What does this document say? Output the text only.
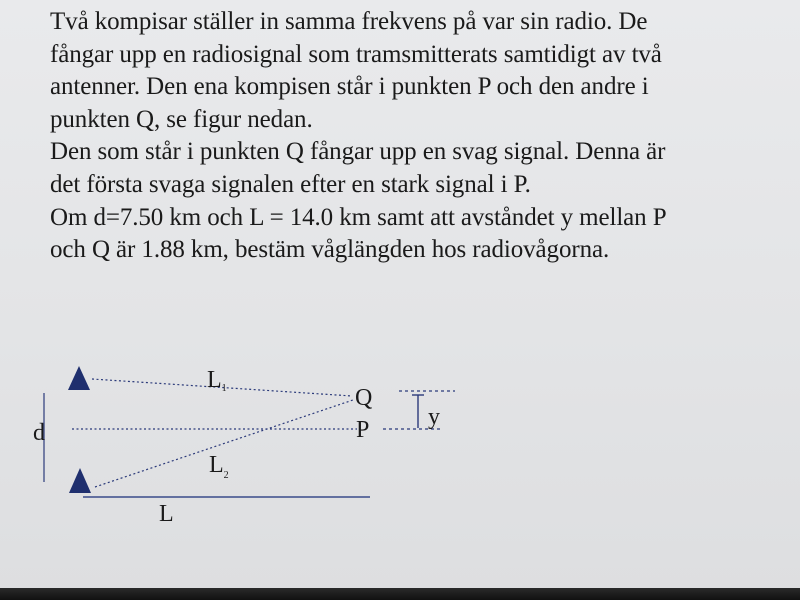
Två kompisar ställer in samma frekvens på var sin radio. De
fångar upp en radiosignal som tramsmitterats samtidigt av två
antenner. Den ena kompisen står i punkten P och den andre i
punkten Q, se figur nedan.
Den som står i punkten Q fångar upp en svag signal. Denna är
det första svaga signalen efter en stark signal i P.
Om d=7.50 km och L = 14.0 km samt att avståndet y mellan P
och Q är 1.88 km, bestäm våglängden hos radiovågorna.
L1
$L_2$
Q
P
d
y
L
